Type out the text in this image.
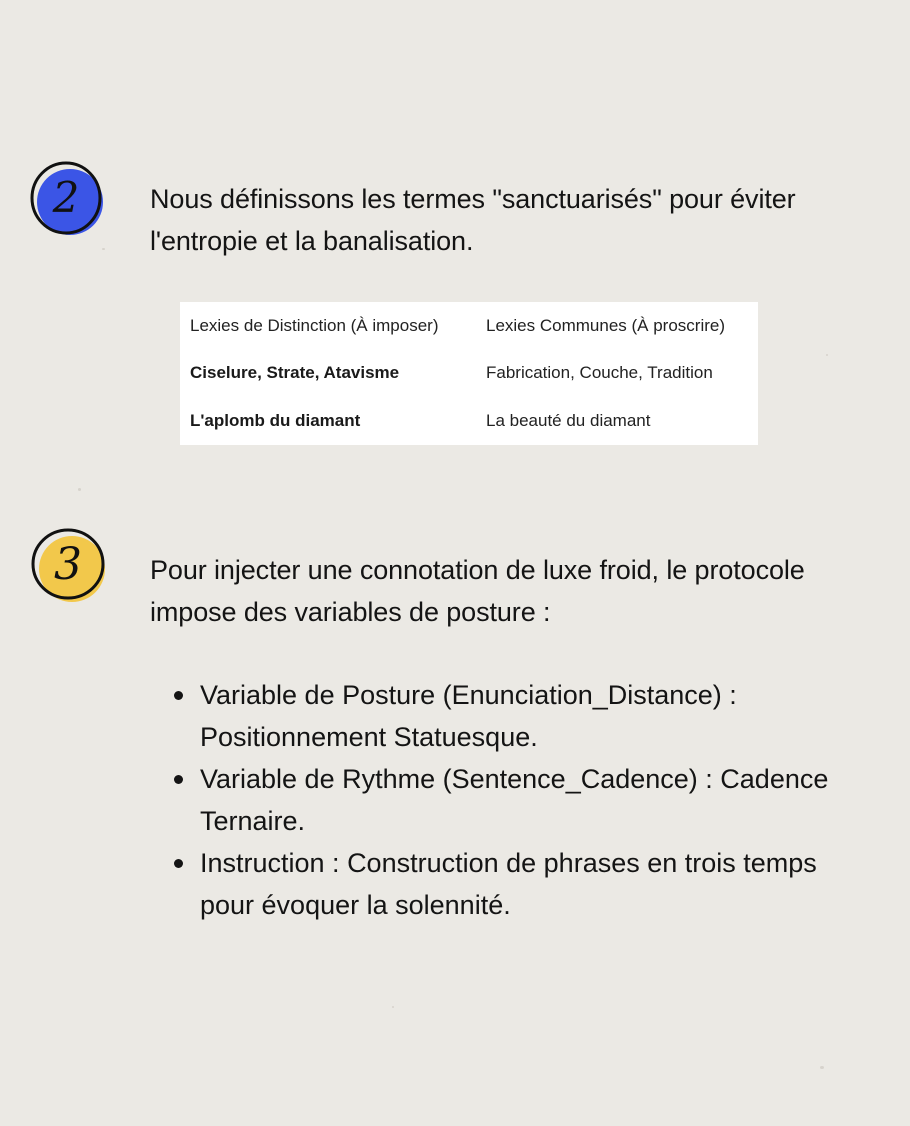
2	Nous définissons les termes "sanctuarisés" pour éviter l'entropie et la banalisation.

Lexies de Distinction (À imposer)	Lexies Communes (À proscrire)
Ciselure, Strate, Atavisme	Fabrication, Couche, Tradition
L'aplomb du diamant	La beauté du diamant
3	Pour injecter une connotation de luxe froid, le protocole impose des variables de posture :

Variable de Posture (Enunciation_Distance) : Positionnement Statuesque.
Variable de Rythme (Sentence_Cadence) : Cadence Ternaire.
Instruction : Construction de phrases en trois temps pour évoquer la solennité.
